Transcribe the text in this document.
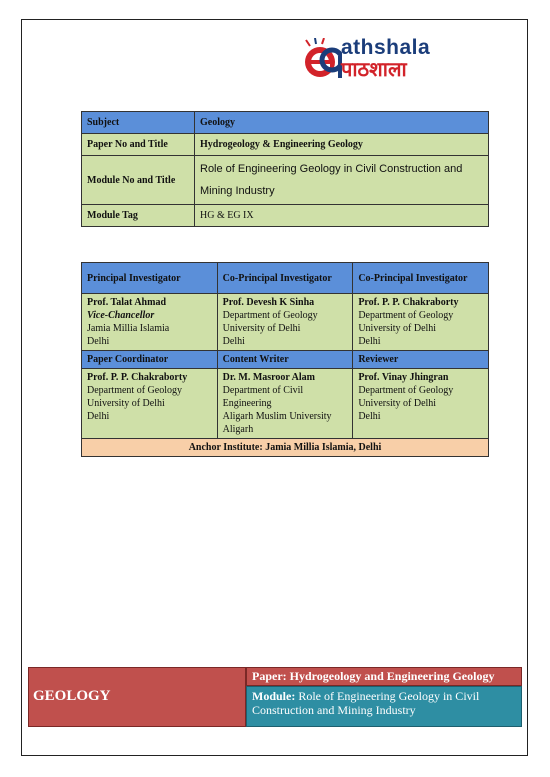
athshala
पाठशाला
Subject	Geology
Paper No and Title	Hydrogeology & Engineering Geology
Module No and Title	Role of Engineering Geology in Civil Construction and Mining Industry
Module Tag	HG & EG IX
Principal Investigator	Co-Principal Investigator	Co-Principal Investigator

Prof. Talat Ahmad
Vice-Chancellor
Jamia Millia Islamia
Delhi	Prof. Devesh K Sinha
Department of Geology
University of Delhi
Delhi	Prof. P. P. Chakraborty
Department of Geology
University of Delhi
Delhi

Paper Coordinator	Content Writer	Reviewer

Prof. P. P. Chakraborty
Department of Geology
University of Delhi
Delhi	Dr. M. Masroor Alam
Department of Civil Engineering
Aligarh Muslim University
Aligarh	Prof. Vinay Jhingran
Department of Geology
University of Delhi
Delhi

Anchor Institute: Jamia Millia Islamia, Delhi		
GEOLOGY
Paper: Hydrogeology and Engineering Geology
Module: Role of Engineering Geology in Civil Construction and Mining Industry
